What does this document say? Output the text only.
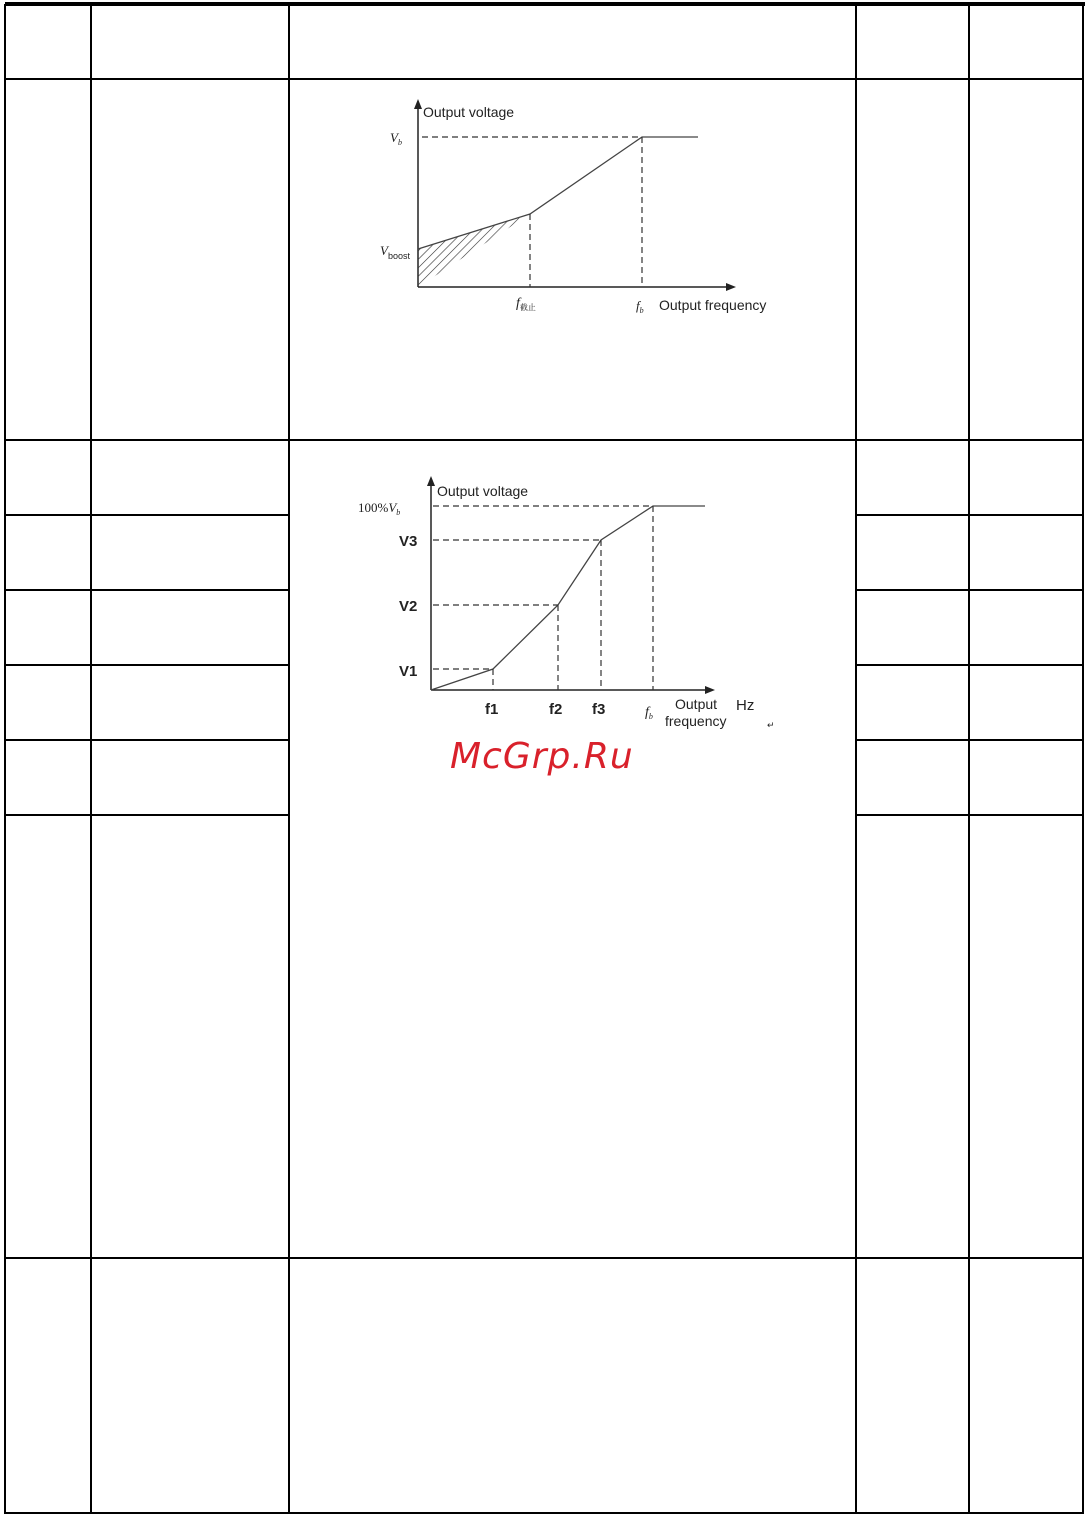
Output voltage
$V_b$
$V_{boost}$
$f_{截止}$	$f_b$ Output frequency
Output voltage
$100\%V_b$
V3
V2
V1
f1	f2 f3	$f_b$
Output
frequency
Hz
↵
McGrp.Ru
